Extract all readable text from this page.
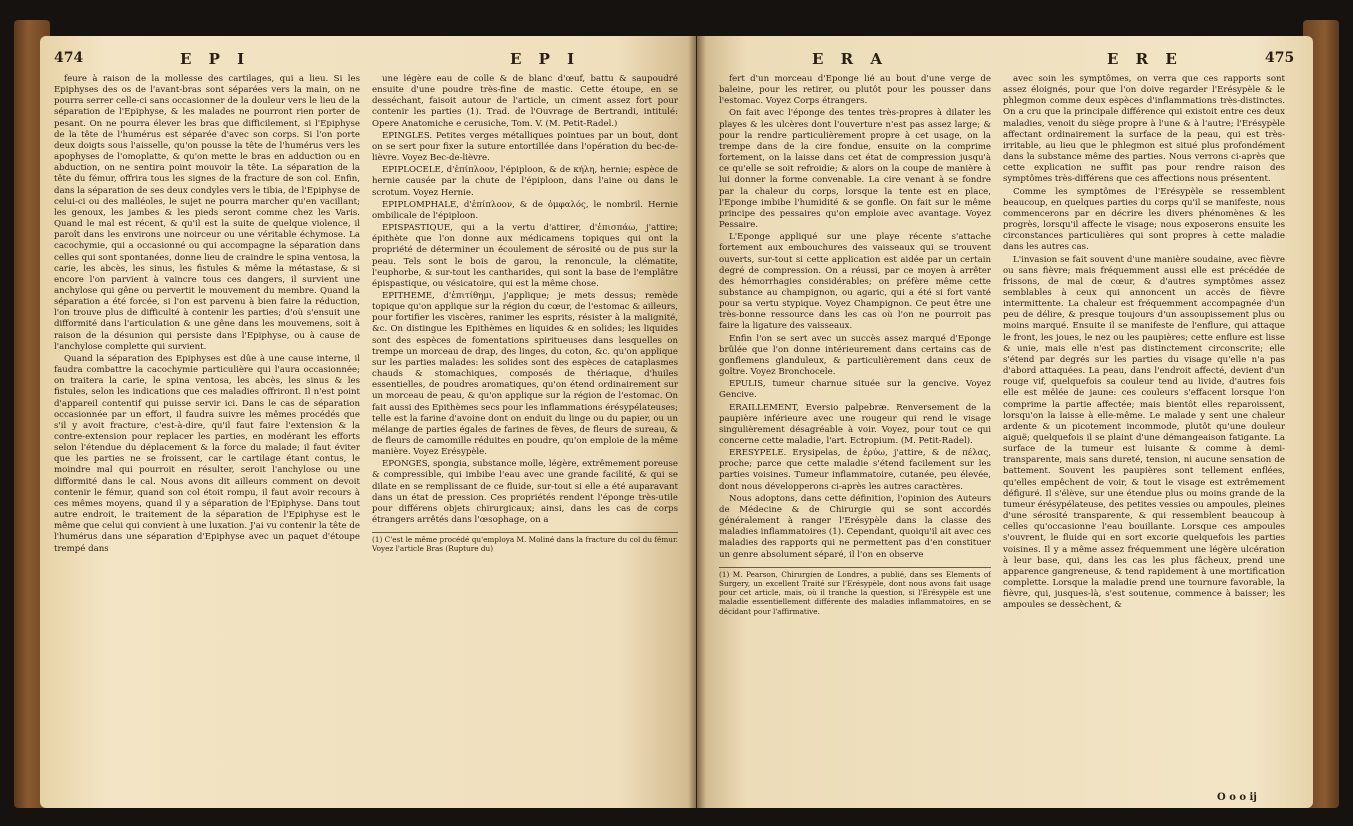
474	E P I	E P I

feure à raison de la mollesse des cartilages, qui a lieu. Si les Epiphyses des os de l'avant-bras sont séparées vers la main, on ne pourra serrer celle-ci sans occasionner de la douleur vers le lieu de la séparation de l'Epiphyse, & les malades ne pourront rien porter de pesant. On ne pourra élever les bras que difficilement, si l'Epiphyse de la tête de l'humérus est séparée d'avec son corps. Si l'on porte deux doigts sous l'aisselle, qu'on pousse la tête de l'humérus vers les apophyses de l'omoplatte, & qu'on mette le bras en adduction ou en abduction, on ne sentira point mouvoir la tête. La séparation de la tête du fémur, offrira tous les signes de la fracture de son col. Enfin, dans la séparation de ses deux condyles vers le tibia, de l'Epiphyse de celui-ci ou des malléoles, le sujet ne pourra marcher qu'en vacillant; les genoux, les jambes & les pieds seront comme chez les Varis. Quand le mal est récent, & qu'il est la suite de quelque violence, il paroît dans les environs une noirceur ou une véritable échymose. La cacochymie, qui a occasionné ou qui accompagne la séparation dans celles qui sont spontanées, donne lieu de craindre le spina ventosa, la carie, les abcès, les sinus, les fistules & même la métastase, & si encore l'on parvient à vaincre tous ces dangers, il survient une anchylose qui gêne ou pervertit le mouvement du membre. Quand la séparation a été forcée, si l'on est parvenu à bien faire la réduction, l'on trouve plus de difficulté à contenir les parties; d'où s'ensuit une difformité dans l'articulation & une gêne dans les mouvemens, soit à raison de la désunion qui persiste dans l'Epiphyse, ou à cause de l'anchylose complette qui survient.

Quand la séparation des Epiphyses est dûe à une cause interne, il faudra combattre la cacochymie particulière qui l'aura occasionnée; on traitera la carie, le spina ventosa, les abcès, les sinus & les fistules, selon les indications que ces maladies offriront. Il n'est point d'appareil contentif qui puisse servir ici. Dans le cas de séparation occasionnée par un effort, il faudra suivre les mêmes procédés que s'il y avoit fracture, c'est-à-dire, qu'il faut faire l'extension & la contre-extension pour replacer les parties, en modérant les efforts selon l'étendue du déplacement & la force du malade; il faut éviter que les parties ne se froissent, car le cartilage étant contus, le moindre mal qui pourroit en résulter, seroit l'anchylose ou une difformité dans le cal. Nous avons dit ailleurs comment on devoit contenir le fémur, quand son col étoit rompu, il faut avoir recours à ces mêmes moyens, quand il y a séparation de l'Epiphyse. Dans tout autre endroit, le traitement de la séparation de l'Epiphyse est le même que celui qui convient à une luxation. J'ai vu contenir la tête de l'humérus dans une séparation d'Epiphyse avec un paquet d'étoupe trempé dans

une légère eau de colle & de blanc d'œuf, battu & saupoudré ensuite d'une poudre très-fine de mastic. Cette étoupe, en se desséchant, faisoit autour de l'article, un ciment assez fort pour contenir les parties (1). Trad. de l'Ouvrage de Bertrandi, intitulé: Opere Anatomiche e cerusiche, Tom. V. (M. Petit-Radel.)

EPINGLES. Petites verges métalliques pointues par un bout, dont on se sert pour fixer la suture entortillée dans l'opération du bec-de-lièvre. Voyez Bec-de-lièvre.

EPIPLOCELE, d'ἐπίπλοον, l'épiploon, & de κήλη, hernie; espèce de hernie causée par la chute de l'épiploon, dans l'aine ou dans le scrotum. Voyez Hernie.

EPIPLOMPHALE, d'ἐπίπλοον, & de ὀμφαλός, le nombril. Hernie ombilicale de l'épiploon.

EPISPASTIQUE, qui a la vertu d'attirer, d'ἐπισπάω, j'attire; épithète que l'on donne aux médicamens topiques qui ont la propriété de déterminer un écoulement de sérosité ou de pus sur la peau. Tels sont le bois de garou, la renoncule, la clématite, l'euphorbe, & sur-tout les cantharides, qui sont la base de l'emplâtre épispastique, ou vésicatoire, qui est la même chose.

EPITHEME, d'ἐπιτίθημι, j'applique; je mets dessus; remède topique qu'on applique sur la région du cœur, de l'estomac & ailleurs, pour fortifier les viscères, ranimer les esprits, résister à la malignité, &c. On distingue les Epithèmes en liquides & en solides; les liquides sont des espèces de fomentations spiritueuses dans lesquelles on trempe un morceau de drap, des linges, du coton, &c. qu'on applique sur les parties malades: les solides sont des espèces de cataplasmes chauds & stomachiques, composés de thériaque, d'huiles essentielles, de poudres aromatiques, qu'on étend ordinairement sur un morceau de peau, & qu'on applique sur la région de l'estomac. On fait aussi des Epithèmes secs pour les inflammations érésypélateuses; telle est la farine d'avoine dont on enduit du linge ou du papier, ou un mélange de parties égales de farines de fèves, de fleurs de sureau, & de fleurs de camomille réduites en poudre, qu'on emploie de la même manière. Voyez Erésypèle.

EPONGES, spongia, substance molle, légère, extrêmement poreuse & compressible, qui imbibe l'eau avec une grande facilité, & qui se dilate en se remplissant de ce fluide, sur-tout si elle a été auparavant dans un état de pression. Ces propriétés rendent l'éponge très-utile pour différens objets chirurgicaux; ainsi, dans les cas de corps étrangers arrêtés dans l'œsophage, on a

(1) C'est le même procédé qu'employa M. Moliné dans la fracture du col du fémur. Voyez l'article Bras (Rupture du)
E R A	E R E	475

fert d'un morceau d'Eponge lié au bout d'une verge de baleine, pour les retirer, ou plutôt pour les pousser dans l'estomac. Voyez Corps étrangers.

On fait avec l'éponge des tentes très-propres à dilater les playes & les ulcères dont l'ouverture n'est pas assez large; & pour la rendre particulièrement propre à cet usage, on la trempe dans de la cire fondue, ensuite on la comprime fortement, on la laisse dans cet état de compression jusqu'à ce qu'elle se soit refroidie; & alors on la coupe de manière à lui donner la forme convenable. La cire venant à se fondre par la chaleur du corps, lorsque la tente est en place, l'Eponge imbibe l'humidité & se gonfle. On fait sur le même principe des pessaires qu'on emploie avec avantage. Voyez Pessaire.

L'Eponge appliqué sur une playe récente s'attache fortement aux embouchures des vaisseaux qui se trouvent ouverts, sur-tout si cette application est aidée par un certain degré de compression. On a réussi, par ce moyen à arrêter des hémorrhagies considérables; on préfère même cette substance au champignon, ou agaric, qui a été si fort vanté pour sa vertu stypique. Voyez Champignon. Ce peut être une très-bonne ressource dans les cas où l'on ne pourroit pas faire la ligature des vaisseaux.

Enfin l'on se sert avec un succès assez marqué d'Eponge brûlée que l'on donne intérieurement dans certains cas de gonflemens glanduleux, & particulièrement dans ceux de goître. Voyez Bronchocele.

EPULIS, tumeur charnue située sur la gencive. Voyez Gencive.

ERAILLEMENT, Eversio palpebræ. Renversement de la paupière inférieure avec une rougeur qui rend le visage singulièrement désagréable à voir. Voyez, pour tout ce qui concerne cette maladie, l'art. Ectropium. (M. Petit-Radel).

ERESYPELE. Erysipelas, de ἐρύω, j'attire, & de πέλας, proche; parce que cette maladie s'étend facilement sur les parties voisines. Tumeur inflammatoire, cutanée, peu élevée, dont nous développerons ci-après les autres caractères.

Nous adoptons, dans cette définition, l'opinion des Auteurs de Médecine & de Chirurgie qui se sont accordés généralement à ranger l'Erésypèle dans la classe des maladies inflammatoires (1). Cependant, quoiqu'il ait avec ces maladies des rapports qui ne permettent pas d'en constituer un genre absolument séparé, il l'on en observe

(1) M. Pearson, Chirurgien de Londres, a publié, dans ses Elements of Surgery, un excellent Traité sur l'Erésypèle, dont nous avons fait usage pour cet article, mais, où il tranche la question, si l'Erésypèle est une maladie essentiellement différente des maladies inflammatoires, en se décidant pour l'affirmative.

avec soin les symptômes, on verra que ces rapports sont assez éloignés, pour que l'on doive regarder l'Erésypèle & le phlegmon comme deux espèces d'inflammations très-distinctes. On a cru que la principale différence qui existoit entre ces deux maladies, venoit du siège propre à l'une & à l'autre; l'Erésypèle affectant ordinairement la surface de la peau, qui est très-irritable, au lieu que le phlegmon est situé plus profondément dans la substance même des parties. Nous verrons ci-après que cette explication ne suffit pas pour rendre raison des symptômes très-différens que ces affections nous présentent.

Comme les symptômes de l'Erésypèle se ressemblent beaucoup, en quelques parties du corps qu'il se manifeste, nous commencerons par en décrire les divers phénomènes & les progrès, lorsqu'il affecte le visage; nous exposerons ensuite les circonstances particulières qui sont propres à cette maladie dans les autres cas.

L'invasion se fait souvent d'une manière soudaine, avec fièvre ou sans fièvre; mais fréquemment aussi elle est précédée de frissons, de mal de cœur, & d'autres symptômes assez semblables à ceux qui annoncent un accès de fièvre intermittente. La chaleur est fréquemment accompagnée d'un peu de délire, & presque toujours d'un assoupissement plus ou moins marqué. Ensuite il se manifeste de l'enflure, qui attaque le front, les joues, le nez ou les paupières; cette enflure est lisse & unie, mais elle n'est pas distinctement circonscrite; elle s'étend par degrés sur les parties du visage qu'elle n'a pas d'abord attaquées. La peau, dans l'endroit affecté, devient d'un rouge vif, quelquefois sa couleur tend au livide, d'autres fois elle est mêlée de jaune: ces couleurs s'effacent lorsque l'on comprime la partie affectée; mais bientôt elles reparoissent, lorsqu'on la laisse à elle-même. Le malade y sent une chaleur ardente & un picotement incommode, plutôt qu'une douleur aiguë; quelquefois il se plaint d'une démangeaison fatigante. La surface de la tumeur est luisante & comme à demi-transparente, mais sans dureté, tension, ni aucune sensation de battement. Souvent les paupières sont tellement enflées, qu'elles empêchent de voir, & tout le visage est extrêmement défiguré. Il s'élève, sur une étendue plus ou moins grande de la tumeur érésypélateuse, des petites vessies ou ampoules, pleines d'une sérosité transparente, & qui ressemblent beaucoup à celles qu'occasionne l'eau bouillante. Lorsque ces ampoules s'ouvrent, le fluide qui en sort excorie quelquefois les parties voisines. Il y a même assez fréquemment une légère ulcération à leur base, qui, dans les cas les plus fâcheux, prend une apparence gangreneuse, & tend rapidement à une mortification complette. Lorsque la maladie prend une tournure favorable, la fièvre, qui, jusques-là, s'est soutenue, commence à baisser; les ampoules se dessèchent, &

O o o ij
